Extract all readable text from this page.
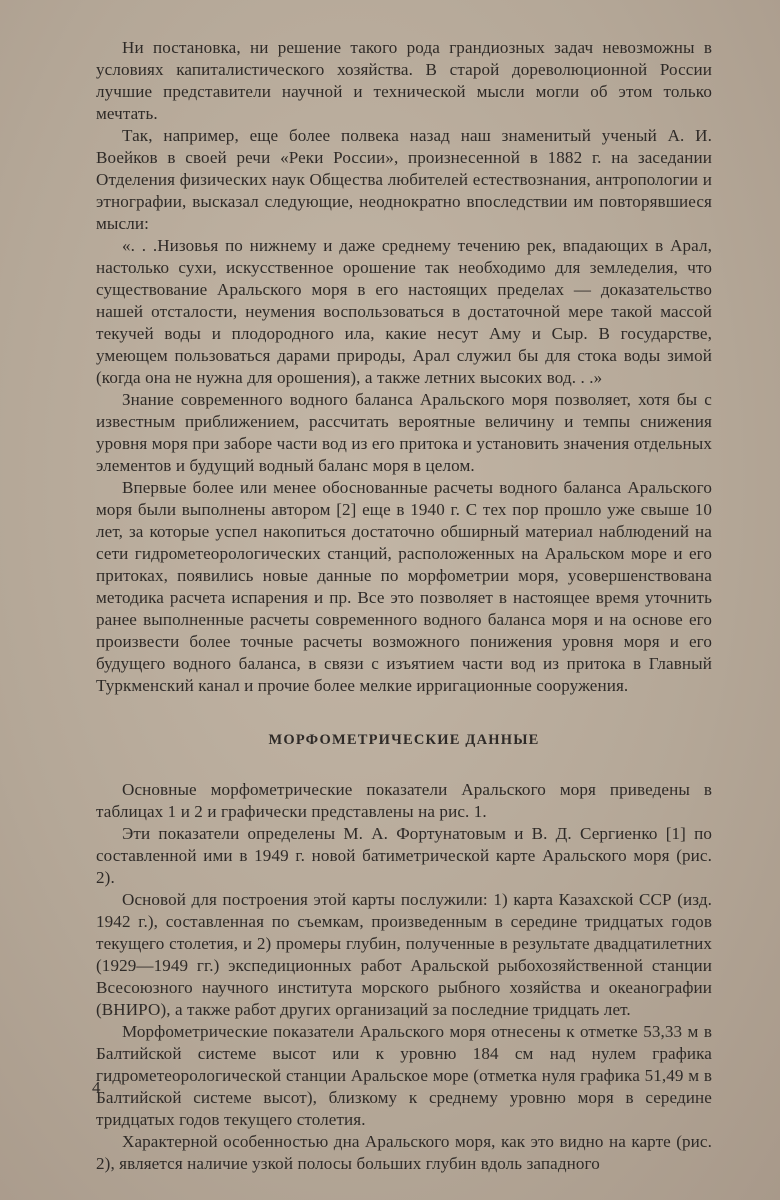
Ни постановка, ни решение такого рода грандиозных задач невозможны в условиях капиталистического хозяйства. В старой дореволюционной России лучшие представители научной и технической мысли могли об этом только мечтать.

Так, например, еще более полвека назад наш знаменитый ученый А. И. Воейков в своей речи «Реки России», произнесенной в 1882 г. на заседании Отделения физических наук Общества любителей естествознания, антропологии и этнографии, высказал следующие, неоднократно впоследствии им повторявшиеся мысли:

«. . .Низовья по нижнему и даже среднему течению рек, впадающих в Арал, настолько сухи, искусственное орошение так необходимо для земледелия, что существование Аральского моря в его настоящих пределах — доказательство нашей отсталости, неумения воспользоваться в достаточной мере такой массой текучей воды и плодородного ила, какие несут Аму и Сыр. В государстве, умеющем пользоваться дарами природы, Арал служил бы для стока воды зимой (когда она не нужна для орошения), а также летних высоких вод. . .»

Знание современного водного баланса Аральского моря позволяет, хотя бы с известным приближением, рассчитать вероятные величину и темпы снижения уровня моря при заборе части вод из его притока и установить значения отдельных элементов и будущий водный баланс моря в целом.

Впервые более или менее обоснованные расчеты водного баланса Аральского моря были выполнены автором [2] еще в 1940 г. С тех пор прошло уже свыше 10 лет, за которые успел накопиться достаточно обширный материал наблюдений на сети гидрометеорологических станций, расположенных на Аральском море и его притоках, появились новые данные по морфометрии моря, усовершенствована методика расчета испарения и пр. Все это позволяет в настоящее время уточнить ранее выполненные расчеты современного водного баланса моря и на основе его произвести более точные расчеты возможного понижения уровня моря и его будущего водного баланса, в связи с изъятием части вод из притока в Главный Туркменский канал и прочие более мелкие ирригационные сооружения.

МОРФОМЕТРИЧЕСКИЕ ДАННЫЕ

Основные морфометрические показатели Аральского моря приведены в таблицах 1 и 2 и графически представлены на рис. 1.

Эти показатели определены М. А. Фортунатовым и В. Д. Сергиенко [1] по составленной ими в 1949 г. новой батиметрической карте Аральского моря (рис. 2).

Основой для построения этой карты послужили: 1) карта Казахской ССР (изд. 1942 г.), составленная по съемкам, произведенным в середине тридцатых годов текущего столетия, и 2) промеры глубин, полученные в результате двадцатилетних (1929—1949 гг.) экспедиционных работ Аральской рыбохозяйственной станции Всесоюзного научного института морского рыбного хозяйства и океанографии (ВНИРО), а также работ других организаций за последние тридцать лет.

Морфометрические показатели Аральского моря отнесены к отметке 53,33 м в Балтийской системе высот или к уровню 184 см над нулем графика гидрометеорологической станции Аральское море (отметка нуля графика 51,49 м в Балтийской системе высот), близкому к среднему уровню моря в середине тридцатых годов текущего столетия.

Характерной особенностью дна Аральского моря, как это видно на карте (рис. 2), является наличие узкой полосы больших глубин вдоль западного

4
